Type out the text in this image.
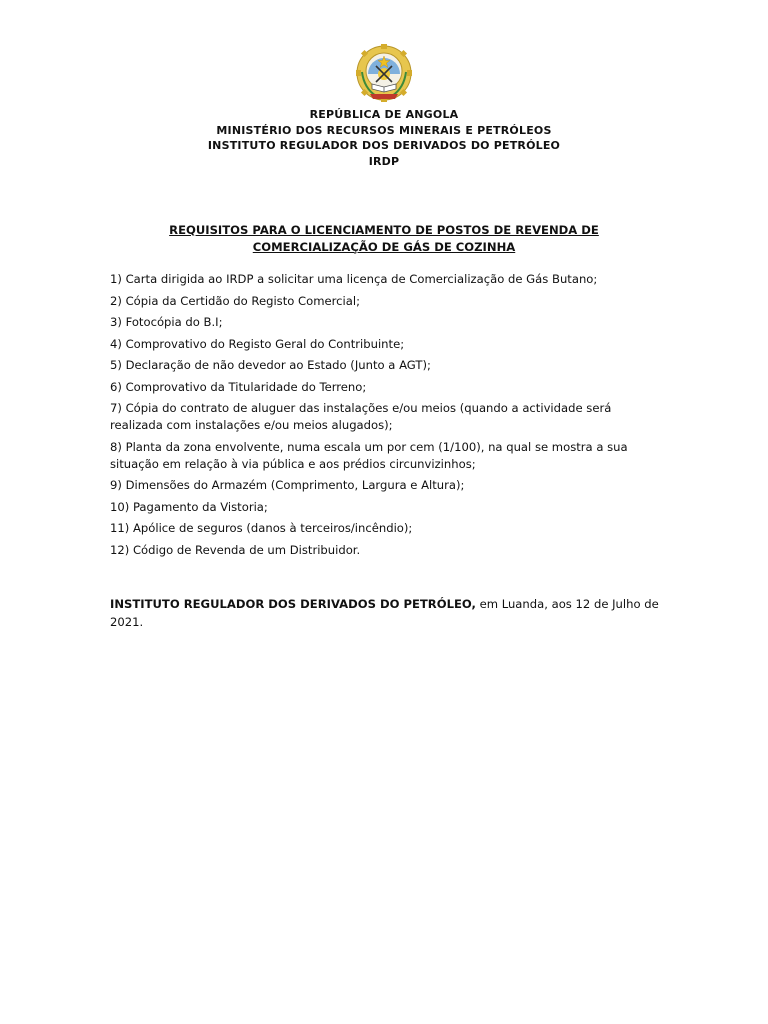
REPÚBLICA DE ANGOLA
MINISTÉRIO DOS RECURSOS MINERAIS E PETRÓLEOS
INSTITUTO REGULADOR DOS DERIVADOS DO PETRÓLEO
IRDP
REQUISITOS PARA O LICENCIAMENTO DE POSTOS DE REVENDA DE
COMERCIALIZAÇÃO DE GÁS DE COZINHA
1) Carta dirigida ao IRDP a solicitar uma licença de Comercialização de Gás Butano;
2) Cópia da Certidão do Registo Comercial;
3) Fotocópia do B.I;
4) Comprovativo do Registo Geral do Contribuinte;
5) Declaração de não devedor ao Estado (Junto a AGT);
6) Comprovativo da Titularidade do Terreno;
7) Cópia do contrato de aluguer das instalações e/ou meios (quando a actividade será realizada com instalações e/ou meios alugados);
8) Planta da zona envolvente, numa escala um por cem (1/100), na qual se mostra a sua situação em relação à via pública e aos prédios circunvizinhos;
9) Dimensões do Armazém (Comprimento, Largura e Altura);
10) Pagamento da Vistoria;
11) Apólice de seguros (danos à terceiros/incêndio);
12) Código de Revenda de um Distribuidor.
INSTITUTO REGULADOR DOS DERIVADOS DO PETRÓLEO, em Luanda, aos 12 de Julho de 2021.
